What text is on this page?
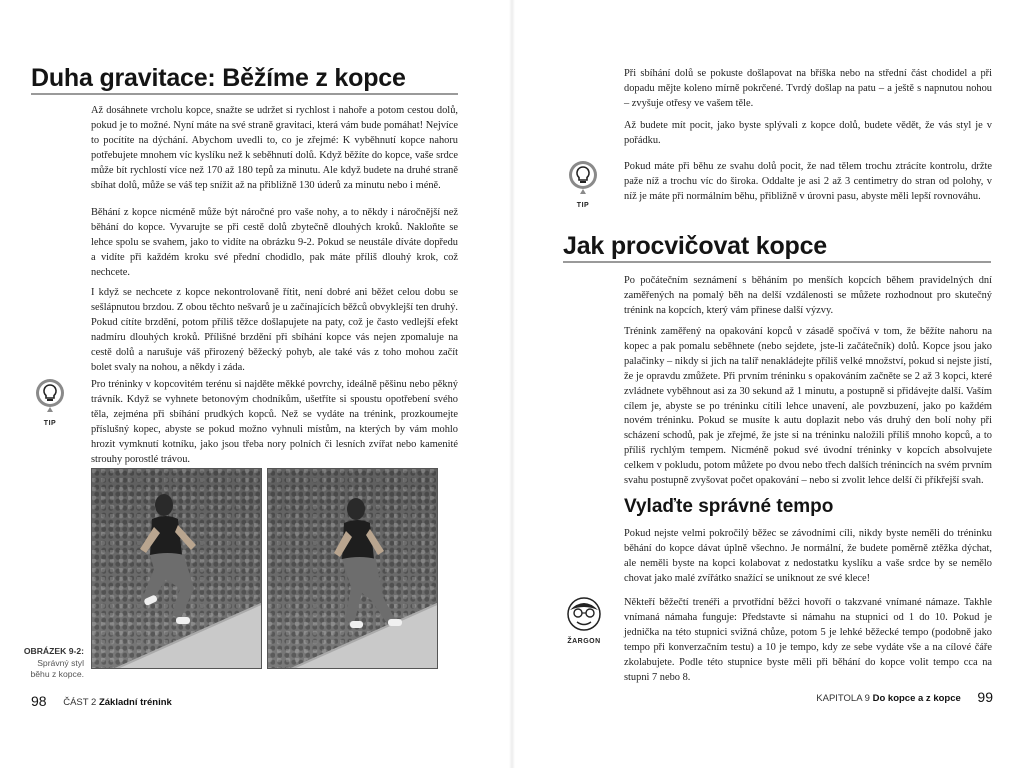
Duha gravitace: Běžíme z kopce
Až dosáhnete vrcholu kopce, snažte se udržet si rychlost i nahoře a potom cestou dolů, pokud je to možné. Nyní máte na své straně gravitaci, která vám bude pomáhat! Nejvíce to pocítíte na dýchání. Abychom uvedli to, co je zřejmé: K vyběhnutí kopce nahoru potřebujete mnohem víc kyslíku než k seběhnutí dolů. Když běžíte do kopce, vaše srdce může bít rychlostí více než 170 až 180 tepů za minutu. Ale když budete na druhé straně sbíhat dolů, může se váš tep snížit až na přibližně 130 úderů za minutu nebo i méně.
Běhání z kopce nicméně může být náročné pro vaše nohy, a to někdy i náročnější než běhání do kopce. Vyvarujte se při cestě dolů zbytečně dlouhých kroků. Nakloňte se lehce spolu se svahem, jako to vidíte na obrázku 9-2. Pokud se neustále díváte dopředu a vidíte při každém kroku své přední chodidlo, pak máte příliš dlouhý krok, což nechcete.
I když se nechcete z kopce nekontrolovaně řítit, není dobré ani běžet celou dobu se sešlápnutou brzdou. Z obou těchto nešvarů je u začínajících běžců obvyklejší ten druhý. Pokud cítíte brzdění, potom příliš těžce došlapujete na paty, což je často vedlejší efekt nadmíru dlouhých kroků. Přílišné brzdění při sbíhání kopce vás nejen zpomaluje na cestě dolů a narušuje váš přirozený běžecký pohyb, ale také vás z toho mohou začít bolet svaly na nohou, a někdy i záda.
TIP
Pro tréninky v kopcovitém terénu si najděte měkké povrchy, ideálně pěšinu nebo pěkný trávník. Když se vyhnete betonovým chodníkům, ušetříte si spoustu opotřebení svého těla, zejména při sbíhání prudkých kopců. Než se vydáte na trénink, prozkoumejte příslušný kopec, abyste se pokud možno vyhnuli místům, na kterých by vám mohlo hrozit vymknutí kotníku, jako jsou třeba nory polních či lesních zvířat nebo kamenité strouhy porostlé trávou.
OBRÁZEK 9-2:
Správný styl běhu z kopce.
98 ČÁST 2 Základní trénink
Při sbíhání dolů se pokuste došlapovat na bříška nebo na střední část chodidel a při dopadu mějte koleno mírně pokrčené. Tvrdý došlap na patu – a ještě s napnutou nohou – zvyšuje otřesy ve vašem těle.
Až budete mít pocit, jako byste splývali z kopce dolů, budete vědět, že vás styl je v pořádku.
TIP
Pokud máte při běhu ze svahu dolů pocit, že nad tělem trochu ztrácíte kontrolu, držte paže níž a trochu víc do široka. Oddalte je asi 2 až 3 centimetry do stran od polohy, v níž je máte při normálním běhu, přibližně v úrovni pasu, abyste měli lepší rovnováhu.
Jak procvičovat kopce
Po počátečním seznámení s běháním po menších kopcích během pravidelných dní zaměřených na pomalý běh na delší vzdálenosti se můžete rozhodnout pro skutečný trénink na kopcích, který vám přinese další výzvy.
Trénink zaměřený na opakování kopců v zásadě spočívá v tom, že běžíte nahoru na kopec a pak pomalu seběhnete (nebo sejdete, jste-li začátečník) dolů. Kopce jsou jako palačinky – nikdy si jich na talíř nenakládejte příliš velké množství, pokud si nejste jistí, že je opravdu zmůžete. Při prvním tréninku s opakováním začněte se 2 až 3 kopci, které zvládnete vyběhnout asi za 30 sekund až 1 minutu, a postupně si přidávejte další. Vaším cílem je, abyste se po tréninku cítili lehce unavení, ale povzbuzení, jako po každém novém tréninku. Pokud se musíte k autu doplazit nebo vás druhý den bolí nohy při scházení schodů, pak je zřejmé, že jste si na tréninku naložili příliš mnoho kopců, a to příliš rychlým tempem. Nicméně pokud své úvodní tréninky v kopcích absolvujete celkem v pokludu, potom můžete po dvou nebo třech dalších trénincích na svém prvním svahu postupně zvyšovat počet opakování – nebo si zvolit lehce delší či příkřejší svah.
Vylaďte správné tempo
Pokud nejste velmi pokročilý běžec se závodními cíli, nikdy byste neměli do tréninku běhání do kopce dávat úplně všechno. Je normální, že budete poměrně ztěžka dýchat, ale neměli byste na kopci kolabovat z nedostatku kyslíku a vaše srdce by se nemělo chovat jako malé zvířátko snažící se uniknout ze své klece!
ŽARGON
Někteří běžečtí trenéři a prvotřídní běžci hovoří o takzvané vnímané námaze. Takhle vnímaná námaha funguje: Představte si námahu na stupnici od 1 do 10. Pokud je jednička na této stupnici svižná chůze, potom 5 je lehké běžecké tempo (podobně jako tempo při konverzačním testu) a 10 je tempo, kdy ze sebe vydáte vše a na cílové čáře zkolabujete. Podle této stupnice byste měli při běhání do kopce volit tempo cca na stupni 7 nebo 8.
KAPITOLA 9 Do kopce a z kopce 99
